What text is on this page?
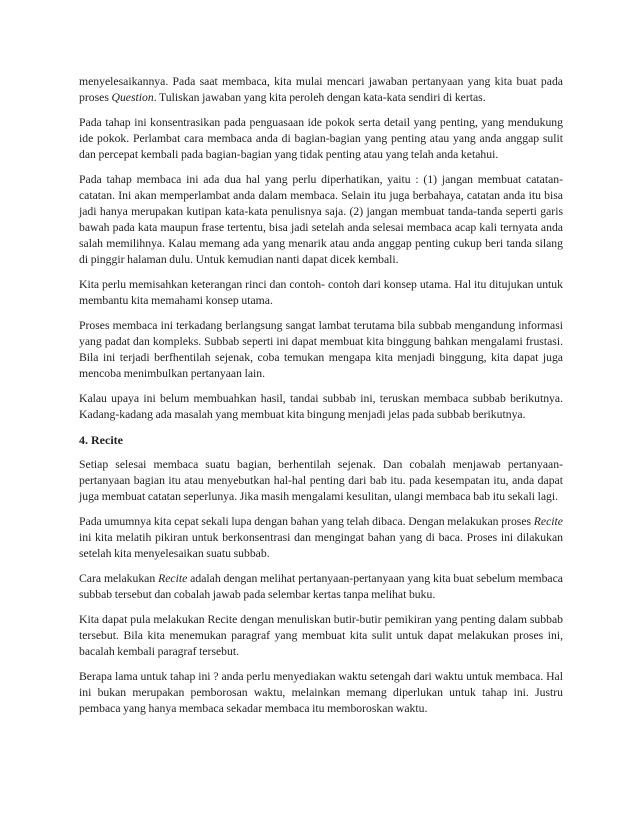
menyelesaikannya. Pada saat membaca, kita mulai mencari jawaban pertanyaan yang kita buat pada proses Question. Tuliskan jawaban yang kita peroleh dengan kata-kata sendiri di kertas.

Pada tahap ini konsentrasikan pada penguasaan ide pokok serta detail yang penting, yang mendukung ide pokok. Perlambat cara membaca anda di bagian-bagian yang penting atau yang anda anggap sulit dan percepat kembali pada bagian-bagian yang tidak penting atau yang telah anda ketahui.

Pada tahap membaca ini ada dua hal yang perlu diperhatikan, yaitu : (1) jangan membuat catatan-catatan. Ini akan memperlambat anda dalam membaca. Selain itu juga berbahaya, catatan anda itu bisa jadi hanya merupakan kutipan kata-kata penulisnya saja. (2) jangan membuat tanda-tanda seperti garis bawah pada kata maupun frase tertentu, bisa jadi setelah anda selesai membaca acap kali ternyata anda salah memilihnya. Kalau memang ada yang menarik atau anda anggap penting cukup beri tanda silang di pinggir halaman dulu. Untuk kemudian nanti dapat dicek kembali.

Kita perlu memisahkan keterangan rinci dan contoh- contoh dari konsep utama. Hal itu ditujukan untuk membantu kita memahami konsep utama.

Proses membaca ini terkadang berlangsung sangat lambat terutama bila subbab mengandung informasi yang padat dan kompleks. Subbab seperti ini dapat membuat kita binggung bahkan mengalami frustasi. Bila ini terjadi berfhentilah sejenak, coba temukan mengapa kita menjadi binggung, kita dapat juga mencoba menimbulkan pertanyaan lain.

Kalau upaya ini belum membuahkan hasil, tandai subbab ini, teruskan membaca subbab berikutnya. Kadang-kadang ada masalah yang membuat kita bingung menjadi jelas pada subbab berikutnya.

4. Recite

Setiap selesai membaca suatu bagian, berhentilah sejenak. Dan cobalah menjawab pertanyaan-pertanyaan bagian itu atau menyebutkan hal-hal penting dari bab itu. pada kesempatan itu, anda dapat juga membuat catatan seperlunya. Jika masih mengalami kesulitan, ulangi membaca bab itu sekali lagi.

Pada umumnya kita cepat sekali lupa dengan bahan yang telah dibaca. Dengan melakukan proses Recite ini kita melatih pikiran untuk berkonsentrasi dan mengingat bahan yang di baca. Proses ini dilakukan setelah kita menyelesaikan suatu subbab.

Cara melakukan Recite adalah dengan melihat pertanyaan-pertanyaan yang kita buat sebelum membaca subbab tersebut dan cobalah jawab pada selembar kertas tanpa melihat buku.

Kita dapat pula melakukan Recite dengan menuliskan butir-butir pemikiran yang penting dalam subbab tersebut. Bila kita menemukan paragraf yang membuat kita sulit untuk dapat melakukan proses ini, bacalah kembali paragraf tersebut.

Berapa lama untuk tahap ini ? anda perlu menyediakan waktu setengah dari waktu untuk membaca. Hal ini bukan merupakan pemborosan waktu, melainkan memang diperlukan untuk tahap ini. Justru pembaca yang hanya membaca sekadar membaca itu memboroskan waktu.
